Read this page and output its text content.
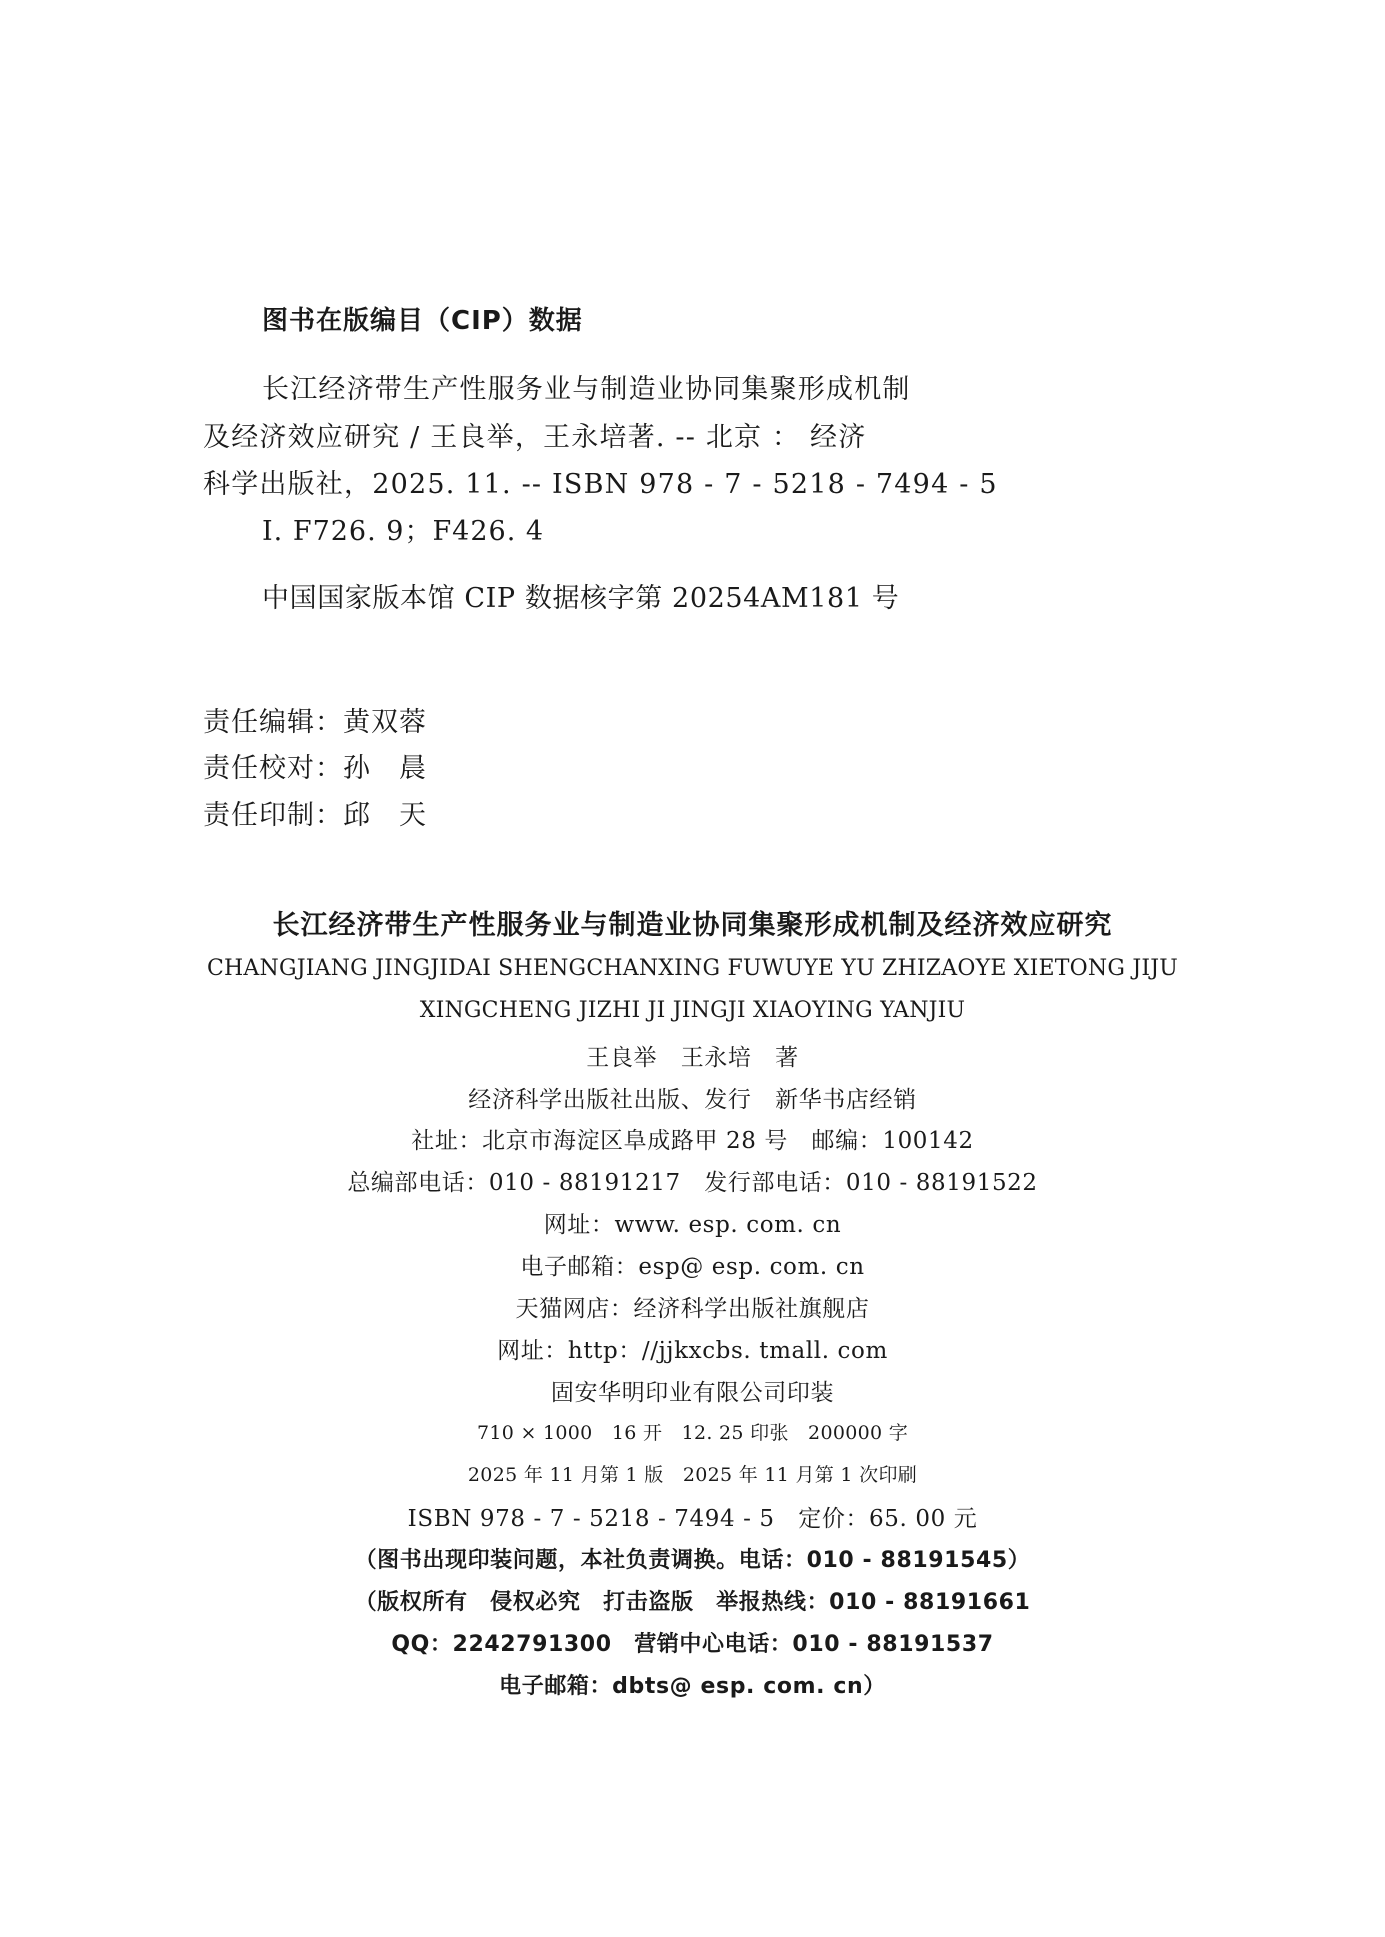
图书在版编目（CIP）数据
长江经济带生产性服务业与制造业协同集聚形成机制
及经济效应研究 / 王良举，王永培著. -- 北京 ： 经济
科学出版社，2025. 11. -- ISBN 978 - 7 - 5218 - 7494 - 5
Ⅰ. F726. 9；F426. 4
中国国家版本馆 CIP 数据核字第 20254AM181 号
责任编辑：黄双蓉
责任校对：孙　晨
责任印制：邱　天
长江经济带生产性服务业与制造业协同集聚形成机制及经济效应研究
CHANGJIANG JINGJIDAI SHENGCHANXING FUWUYE YU ZHIZAOYE XIETONG JIJU
XINGCHENG JIZHI JI JINGJI XIAOYING YANJIU
王良举　王永培　著
经济科学出版社出版、发行　新华书店经销
社址：北京市海淀区阜成路甲 28 号　邮编：100142
总编部电话：010 - 88191217　发行部电话：010 - 88191522
网址：www. esp. com. cn
电子邮箱：esp@ esp. com. cn
天猫网店：经济科学出版社旗舰店
网址：http：//jjkxcbs. tmall. com
固安华明印业有限公司印装
710 × 1000　16 开　12. 25 印张　200000 字
2025 年 11 月第 1 版　2025 年 11 月第 1 次印刷
ISBN 978 - 7 - 5218 - 7494 - 5　定价：65. 00 元
（图书出现印装问题，本社负责调换。电话：010 - 88191545）
（版权所有　侵权必究　打击盗版　举报热线：010 - 88191661
QQ：2242791300　营销中心电话：010 - 88191537
电子邮箱：dbts@ esp. com. cn）
